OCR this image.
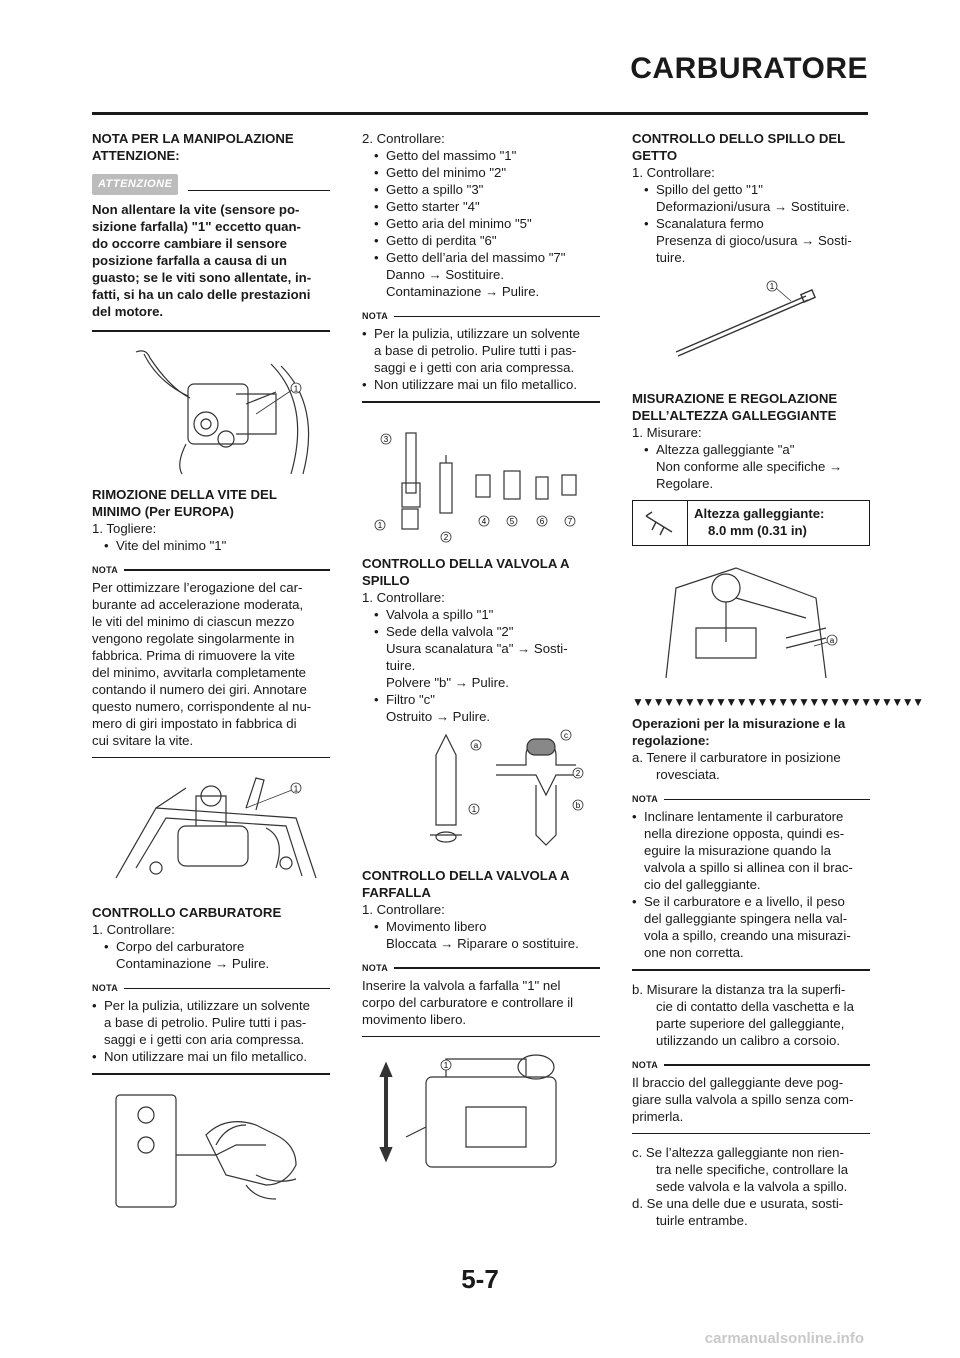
CARBURATORE

NOTA PER LA MANIPOLAZIONE

ATTENZIONE:

ATTENZIONE

Non allentare la vite (sensore po-

sizione farfalla) "1" eccetto quan-

do occorre cambiare il sensore

posizione farfalla a causa di un

guasto; se le viti sono allentate, in-

fatti, si ha un calo delle prestazioni

del motore.

1

RIMOZIONE DELLA VITE DEL

MINIMO (Per EUROPA)

1. Togliere:

• Vite del minimo "1"

NOTA

Per ottimizzare l’erogazione del car-

burante ad accelerazione moderata,

le viti del minimo di ciascun mezzo

vengono regolate singolarmente in

fabbrica. Prima di rimuovere la vite

del minimo, avvitarla completamente

contando il numero dei giri. Annotare

questo numero, corrispondente al nu-

mero di giri impostato in fabbrica di

cui svitare la vite.

1

CONTROLLO CARBURATORE

1. Controllare:

• Corpo del carburatore

Contaminazione → Pulire.

NOTA

• Per la pulizia, utilizzare un solvente

a base di petrolio. Pulire tutti i pas-

saggi e i getti con aria compressa.

• Non utilizzare mai un filo metallico.

2. Controllare:

• Getto del massimo "1"

• Getto del minimo "2"

• Getto a spillo "3"

• Getto starter "4"

• Getto aria del minimo "5"

• Getto di perdita "6"

• Getto dell’aria del massimo "7"

Danno → Sostituire.

Contaminazione → Pulire.

NOTA

• Per la pulizia, utilizzare un solvente

a base di petrolio. Pulire tutti i pas-

saggi e i getti con aria compressa.

• Non utilizzare mai un filo metallico.

3
1
2
4	5	6	7

CONTROLLO DELLA VALVOLA A

SPILLO

1. Controllare:

• Valvola a spillo "1"

• Sede della valvola "2"

Usura scanalatura "a" → Sosti-

tuire.

Polvere "b" → Pulire.

• Filtro "c"

Ostruito → Pulire.

a
c
2
1	b

CONTROLLO DELLA VALVOLA A

FARFALLA

1. Controllare:

• Movimento libero

Bloccata → Riparare o sostituire.

NOTA

Inserire la valvola a farfalla "1" nel

corpo del carburatore e controllare il

movimento libero.

1

CONTROLLO DELLO SPILLO DEL

GETTO

1. Controllare:

• Spillo del getto "1"

Deformazioni/usura → Sostituire.

• Scanalatura fermo

Presenza di gioco/usura → Sosti-

tuire.

1

MISURAZIONE E REGOLAZIONE

DELL’ALTEZZA GALLEGGIANTE

1. Misurare:

• Altezza galleggiante "a"

Non conforme alle specifiche →

Regolare.

Altezza galleggiante:
8.0 mm (0.31 in)
a
▼▼▼▼▼▼▼▼▼▼▼▼▼▼▼▼▼▼▼▼▼▼▼▼▼▼▼▼

Operazioni per la misurazione e la

regolazione:

a. Tenere il carburatore in posizione

rovesciata.

NOTA

• Inclinare lentamente il carburatore

nella direzione opposta, quindi es-

eguire la misurazione quando la

valvola a spillo si allinea con il brac-

cio del galleggiante.

• Se il carburatore e a livello, il peso

del galleggiante spingera nella val-

vola a spillo, creando una misurazi-

one non corretta.

b. Misurare la distanza tra la superfi-

cie di contatto della vaschetta e la

parte superiore del galleggiante,

utilizzando un calibro a corsoio.

NOTA

Il braccio del galleggiante deve pog-

giare sulla valvola a spillo senza com-

primerla.

c. Se l’altezza galleggiante non rien-

tra nelle specifiche, controllare la

sede valvola e la valvola a spillo.

d. Se una delle due e usurata, sosti-

tuirle entrambe.

5-7
carmanualsonline.info
